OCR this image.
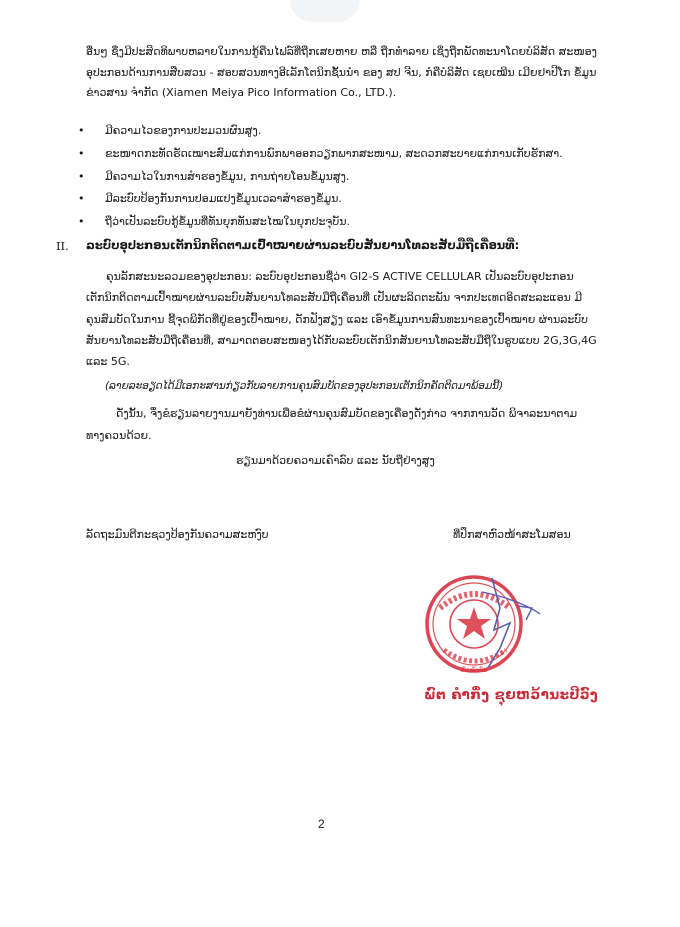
ອື່ນໆ ຊຶ່ງມີປະສິດທິພາບຫລາຍໃນການກູ້ຄືນໄຟລ໌ທີ່ຖືກເສຍຫາຍ ຫລື ຖືກທຳລາຍ ເຊິ່ງຖືກພັດທະນາໂດຍບໍລິສັດ ສະໜອງອຸປະກອນດ້ານການສືບສວນ - ສອບສວນທາງອີເລັກໂຕນິກຊັ້ນນຳ ຂອງ ສປ ຈີນ, ກໍຄືບໍລິສັດ ເຊຍເໝີນ ເມີຍຢາປີໂກ ຂໍ້ມູນຂ່າວສານ ຈຳກັດ (Xiamen Meiya Pico Information Co., LTD.).
• ມີຄວາມໄວຂອງການປະມວນຜົນສູງ.
• ຂະໜາດກະທັດຮັດເໝາະສົມແກ່ການພົກພາອອກວຽກພາກສະໜາມ, ສະດວກສະບາຍແກ່ການເກັບຮັກສາ.
• ມີຄວາມໄວໃນການສຳຮອງຂໍ້ມູນ, ການຖ່າຍໂອນຂໍ້ມູນສູງ.
• ມີລະບົບປ້ອງກັນການປອມແປງຂໍ້ມູນເວລາສຳຮອງຂໍ້ມູນ.
• ຖືວ່າເປັນລະບົບກູ້ຂໍ້ມູນທີ່ທັນຍຸກທັນສະໄໝໃນຍຸກປະຈຸບັນ.
II. ລະບົບອຸປະກອນເຕັກນິກຕິດຕາມເປົ້າໝາຍຜ່ານລະບົບສັນຍານໂທລະສັບມືຖືເຄື່ອນທີ່:
ຄຸນລັກສະນະລວມຂອງອຸປະກອນ: ລະບົບອຸປະກອນຊື່ວ່າ GI2-S ACTIVE CELLULAR ເປັນລະບົບອຸປະກອນເຕັກນິກຕິດຕາມເປົ້າໝາຍຜ່ານລະບົບສັນຍານໂທລະສັບມືຖືເຄື່ອນທີ່ ເປັນຜະລິດຕະພັນ ຈາກປະເທດອິດສະລະແອນ ມີຄຸນສົມບັດໃນການ ຊີ້ຈຸດພິກັດທີ່ຢູ່ຂອງເປົ້າໝາຍ, ດັກຟັງສຽງ ແລະ ເອົາຂໍ້ມູນການສົນທະນາຂອງເປົ້າໝາຍ ຜ່ານລະບົບສັນຍານໂທລະສັບມືຖືເຄື່ອນທີ່, ສາມາດຕອບສະໜອງໄດ້ກັບລະບົບເຕັກນິກສັນຍານໂທລະສັບມືຖືໃນຮູບແບບ 2G,3G,4G ແລະ 5G.
(ລາຍລະອຽດໄດ້ມີເອກະສານກ່ຽວກັບລາຍການຄຸນສົມບັດຂອງອຸປະກອນເຕັກນິກຄັດຕິດມາພ້ອມນີ້)
ດັ່ງນັ້ນ, ຈຶ່ງຂໍຮຽນລາຍງານມາຍັງທ່ານເພື່ອຂໍຜ່ານຄຸນສົມບັດຂອງເຄື່ອງດັ່ງກ່າວ ຈາກການວັດ ພິຈາລະນາຕາມທາງຄວນດ້ວຍ.
ຮຽນມາດ້ວຍຄວາມເຄົາລົບ ແລະ ນັບຖືຢ່າງສູງ
ລັດຖະມົນຕີກະຊວງປ້ອງກັນຄວາມສະຫງົບ	ທີ່ປຶກສາຫົວໜ້າສະໂມສອນ
ຫົວໜ້າກົມ
ພົຕ ຄຳກຶ່ງ ຊຸຍຫວ້ານະປີວົງ
2
